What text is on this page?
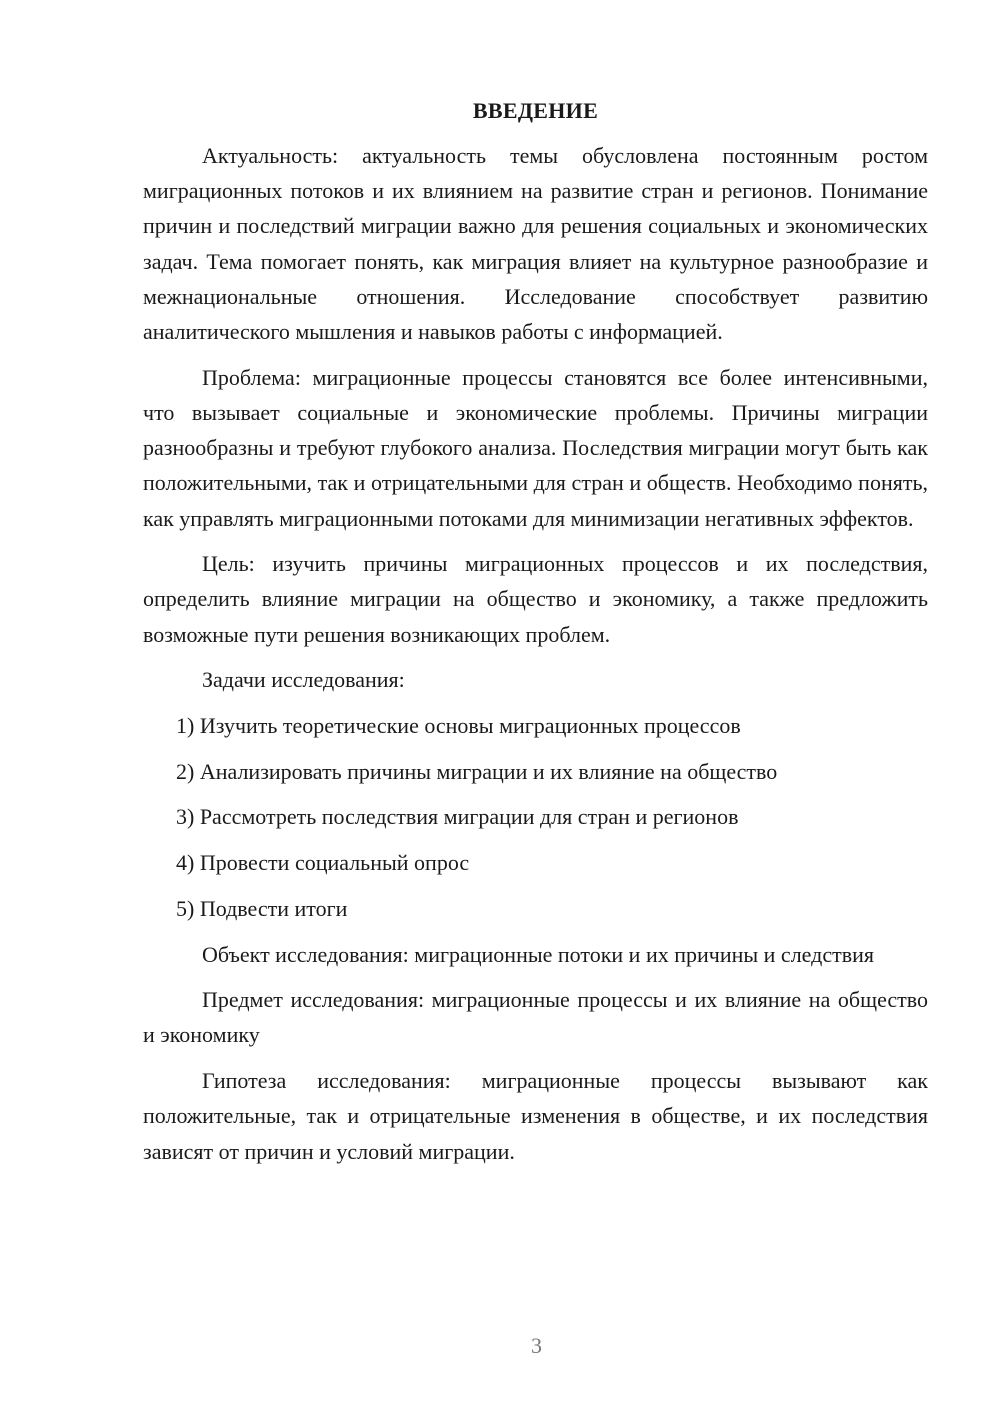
ВВЕДЕНИЕ

Актуальность: актуальность темы обусловлена постоянным ростом миграционных потоков и их влиянием на развитие стран и регионов. Понимание причин и последствий миграции важно для решения социальных и экономических задач. Тема помогает понять, как миграция влияет на культурное разнообразие и межнациональные отношения. Исследование способствует развитию аналитического мышления и навыков работы с информацией.

Проблема: миграционные процессы становятся все более интенсивными, что вызывает социальные и экономические проблемы. Причины миграции разнообразны и требуют глубокого анализа. Последствия миграции могут быть как положительными, так и отрицательными для стран и обществ. Необходимо понять, как управлять миграционными потоками для минимизации негативных эффектов.

Цель: изучить причины миграционных процессов и их последствия, определить влияние миграции на общество и экономику, а также предложить возможные пути решения возникающих проблем.

Задачи исследования:

1) Изучить теоретические основы миграционных процессов

2) Анализировать причины миграции и их влияние на общество

3) Рассмотреть последствия миграции для стран и регионов

4) Провести социальный опрос

5) Подвести итоги

Объект исследования: миграционные потоки и их причины и следствия

Предмет исследования: миграционные процессы и их влияние на общество и экономику

Гипотеза исследования: миграционные процессы вызывают как положительные, так и отрицательные изменения в обществе, и их последствия зависят от причин и условий миграции.

3
